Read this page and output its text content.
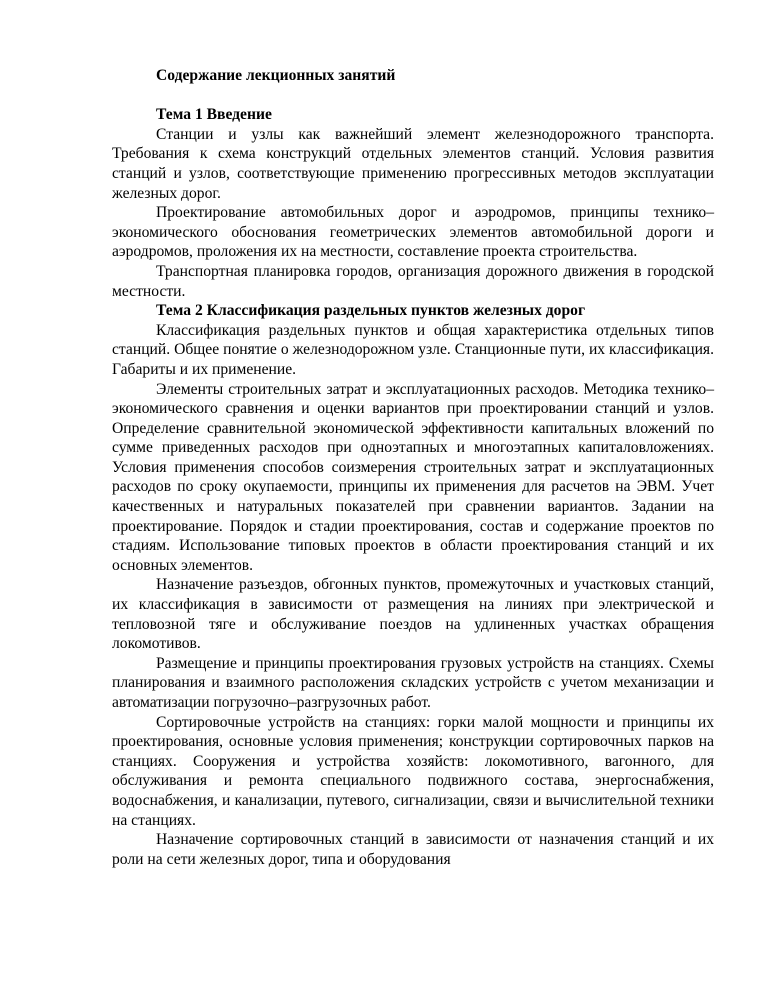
Содержание лекционных занятий

Тема 1 Введение

Станции и узлы как важнейший элемент железнодорожного транспорта. Требования к схема конструкций отдельных элементов станций. Условия развития станций и узлов, соответствующие применению прогрессивных методов эксплуатации железных дорог.

Проектирование автомобильных дорог и аэродромов, принципы технико– экономического обоснования геометрических элементов автомобильной дороги и аэродромов, проложения их на местности, составление проекта строительства.

Транспортная планировка городов, организация дорожного движения в городской местности.

Тема 2 Классификация раздельных пунктов железных дорог

Классификация раздельных пунктов и общая характеристика отдельных типов станций. Общее понятие о железнодорожном узле. Станционные пути, их классификация. Габариты и их применение.

Элементы строительных затрат и эксплуатационных расходов. Методика технико–экономического сравнения и оценки вариантов при проектировании станций и узлов. Определение сравнительной экономической эффективности капитальных вложений по сумме приведенных расходов при одноэтапных и многоэтапных капиталовложениях. Условия применения способов соизмерения строительных затрат и эксплуатационных расходов по сроку окупаемости, принципы их применения для расчетов на ЭВМ. Учет качественных и натуральных показателей при сравнении вариантов. Задании на проектирование. Порядок и стадии проектирования, состав и содержание проектов по стадиям. Использование типовых проектов в области проектирования станций и их основных элементов.

Назначение разъездов, обгонных пунктов, промежуточных и участковых станций, их классификация в зависимости от размещения на линиях при электрической и тепловозной тяге и обслуживание поездов на удлиненных участках обращения локомотивов.

Размещение и принципы проектирования грузовых устройств на станциях. Схемы планирования и взаимного расположения складских устройств с учетом механизации и автоматизации погрузочно–разгрузочных работ.

Сортировочные устройств на станциях: горки малой мощности и принципы их проектирования, основные условия применения; конструкции сортировочных парков на станциях. Сооружения и устройства хозяйств: локомотивного, вагонного, для обслуживания и ремонта специального подвижного состава, энергоснабжения, водоснабжения, и канализации, путевого, сигнализации, связи и вычислительной техники на станциях.

Назначение сортировочных станций в зависимости от назначения станций и их роли на сети железных дорог, типа и оборудования
